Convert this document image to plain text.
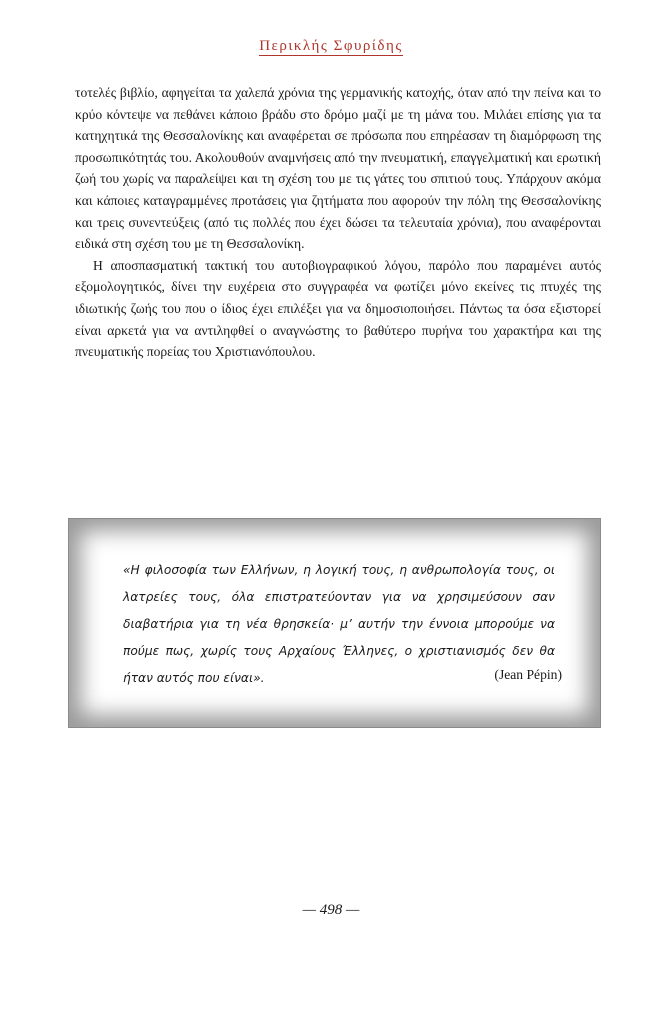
Περικλής Σφυρίδης

τοτελές βιβλίο, αφηγείται τα χαλεπά χρόνια της γερμανικής κατοχής, όταν από την πείνα και το κρύο κόντεψε να πεθάνει κάποιο βράδυ στο δρόμο μαζί με τη μάνα του. Μιλάει επίσης για τα κατηχητικά της Θεσσαλονίκης και αναφέρεται σε πρόσωπα που επηρέασαν τη διαμόρφωση της προσωπικότητάς του. Ακολουθούν αναμνήσεις από την πνευματική, επαγγελματική και ερωτική ζωή του χωρίς να παραλείψει και τη σχέση του με τις γάτες του σπιτιού τους. Υπάρχουν ακόμα και κάποιες καταγραμμένες προτάσεις για ζητήματα που αφορούν την πόλη της Θεσσαλονίκης και τρεις συνεντεύξεις (από τις πολλές που έχει δώσει τα τελευταία χρόνια), που αναφέρονται ειδικά στη σχέση του με τη Θεσσαλονίκη.

Η αποσπασματική τακτική του αυτοβιογραφικού λόγου, παρόλο που παραμένει αυτός εξομολογητικός, δίνει την ευχέρεια στο συγγραφέα να φωτίζει μόνο εκείνες τις πτυχές της ιδιωτικής ζωής του που ο ίδιος έχει επιλέξει για να δημοσιοποιήσει. Πάντως τα όσα εξιστορεί είναι αρκετά για να αντιληφθεί ο αναγνώστης το βαθύτερο πυρήνα του χαρακτήρα και της πνευματικής πορείας του Χριστιανόπουλου.

«Η φιλοσοφία των Ελλήνων, η λογική τους, η ανθρωπολογία τους, οι λατρείες τους, όλα επιστρατεύονταν για να χρησιμεύσουν σαν διαβατήρια για τη νέα θρησκεία· μ’ αυτήν την έννοια μπορούμε να πούμε πως, χωρίς τους Αρχαίους Έλληνες, ο χριστιανισμός δεν θα ήταν αυτός που είναι».	(Jean Pépin)
— 498 —
